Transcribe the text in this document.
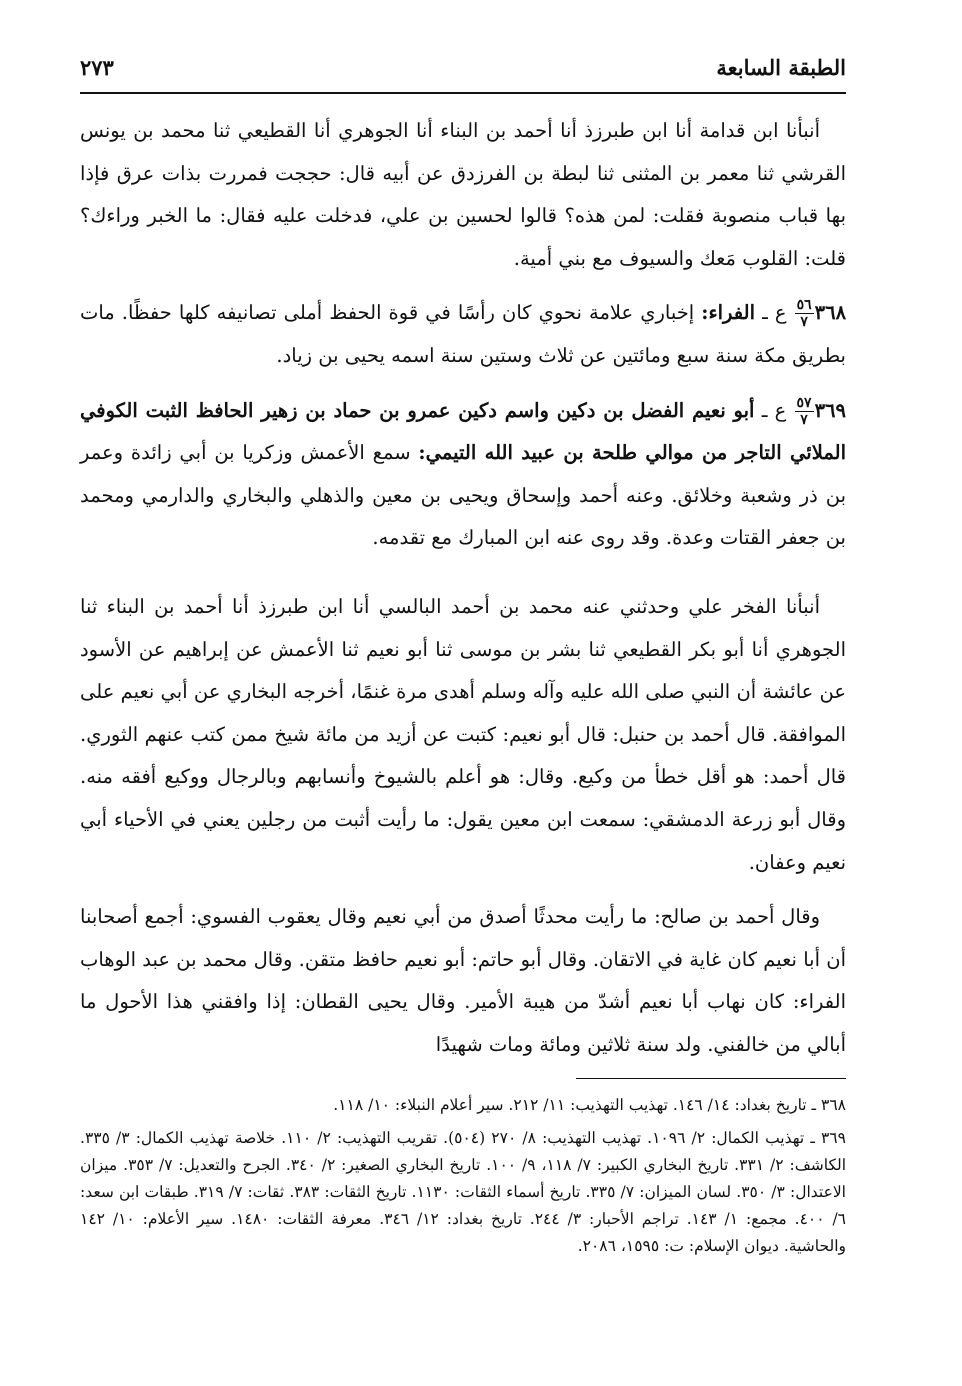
الطبقة السابعة
٢٧٣

أنبأنا ابن قدامة أنا ابن طبرزذ أنا أحمد بن البناء أنا الجوهري أنا القطيعي ثنا محمد بن يونس القرشي ثنا معمر بن المثنى ثنا لبطة بن الفرزدق عن أبيه قال: حججت فمررت بذات عرق فإذا بها قباب منصوبة فقلت: لمن هذه؟ قالوا لحسين بن علي، فدخلت عليه فقال: ما الخبر وراءك؟ قلت: القلوب مَعك والسيوف مع بني أمية.

٣٦٨
$\frac{٥٦}{٧}$
ع ـ الفراء: إخباري علامة نحوي كان رأسًا في قوة الحفظ أملى تصانيفه كلها حفظًا. مات بطريق مكة سنة سبع ومائتين عن ثلاث وستين سنة اسمه يحيى بن زياد.

٣٦٩
$\frac{٥٧}{٧}$
ع ـ أبو نعيم الفضل بن دكين واسم دكين عمرو بن حماد بن زهير الحافظ الثبت الكوفي الملائي التاجر من موالي طلحة بن عبيد الله التيمي: سمع الأعمش وزكريا بن أبي زائدة وعمر بن ذر وشعبة وخلائق. وعنه أحمد وإسحاق ويحيى بن معين والذهلي والبخاري والدارمي ومحمد بن جعفر القتات وعدة. وقد روى عنه ابن المبارك مع تقدمه.

أنبأنا الفخر علي وحدثني عنه محمد بن أحمد البالسي أنا ابن طبرزذ أنا أحمد بن البناء ثنا الجوهري أنا أبو بكر القطيعي ثنا بشر بن موسى ثنا أبو نعيم ثنا الأعمش عن إبراهيم عن الأسود عن عائشة أن النبي صلى الله عليه وآله وسلم أهدى مرة غنمًا، أخرجه البخاري عن أبي نعيم على الموافقة. قال أحمد بن حنبل: قال أبو نعيم: كتبت عن أزيد من مائة شيخ ممن كتب عنهم الثوري. قال أحمد: هو أقل خطأ من وكيع. وقال: هو أعلم بالشيوخ وأنسابهم وبالرجال ووكيع أفقه منه. وقال أبو زرعة الدمشقي: سمعت ابن معين يقول: ما رأيت أثبت من رجلين يعني في الأحياء أبي نعيم وعفان.

وقال أحمد بن صالح: ما رأيت محدثًا أصدق من أبي نعيم وقال يعقوب الفسوي: أجمع أصحابنا أن أبا نعيم كان غاية في الاتقان. وقال أبو حاتم: أبو نعيم حافظ متقن. وقال محمد بن عبد الوهاب الفراء: كان نهاب أبا نعيم أشدّ من هيبة الأمير. وقال يحيى القطان: إذا وافقني هذا الأحول ما أبالي من خالفني. ولد سنة ثلاثين ومائة ومات شهيدًا

٣٦٨ ـ تاريخ بغداد: ١٤/ ١٤٦. تهذيب التهذيب: ١١/ ٢١٢. سير أعلام النبلاء: ١٠/ ١١٨.

٣٦٩ ـ تهذيب الكمال: ٢/ ١٠٩٦. تهذيب التهذيب: ٨/ ٢٧٠ (٥٠٤). تقريب التهذيب: ٢/ ١١٠. خلاصة تهذيب الكمال: ٣/ ٣٣٥. الكاشف: ٢/ ٣٣١. تاريخ البخاري الكبير: ٧/ ١١٨، ٩/ ١٠٠. تاريخ البخاري الصغير: ٢/ ٣٤٠. الجرح والتعديل: ٧/ ٣٥٣. ميزان الاعتدال: ٣/ ٣٥٠. لسان الميزان: ٧/ ٣٣٥. تاريخ أسماء الثقات: ١١٣٠. تاريخ الثقات: ٣٨٣. ثقات: ٧/ ٣١٩. طبقات ابن سعد: ٦/ ٤٠٠. مجمع: ١/ ١٤٣. تراجم الأحبار: ٣/ ٢٤٤. تاريخ بغداد: ١٢/ ٣٤٦. معرفة الثقات: ١٤٨٠. سير الأعلام: ١٠/ ١٤٢ والحاشية. ديوان الإسلام: ت: ١٥٩٥، ٢٠٨٦.
